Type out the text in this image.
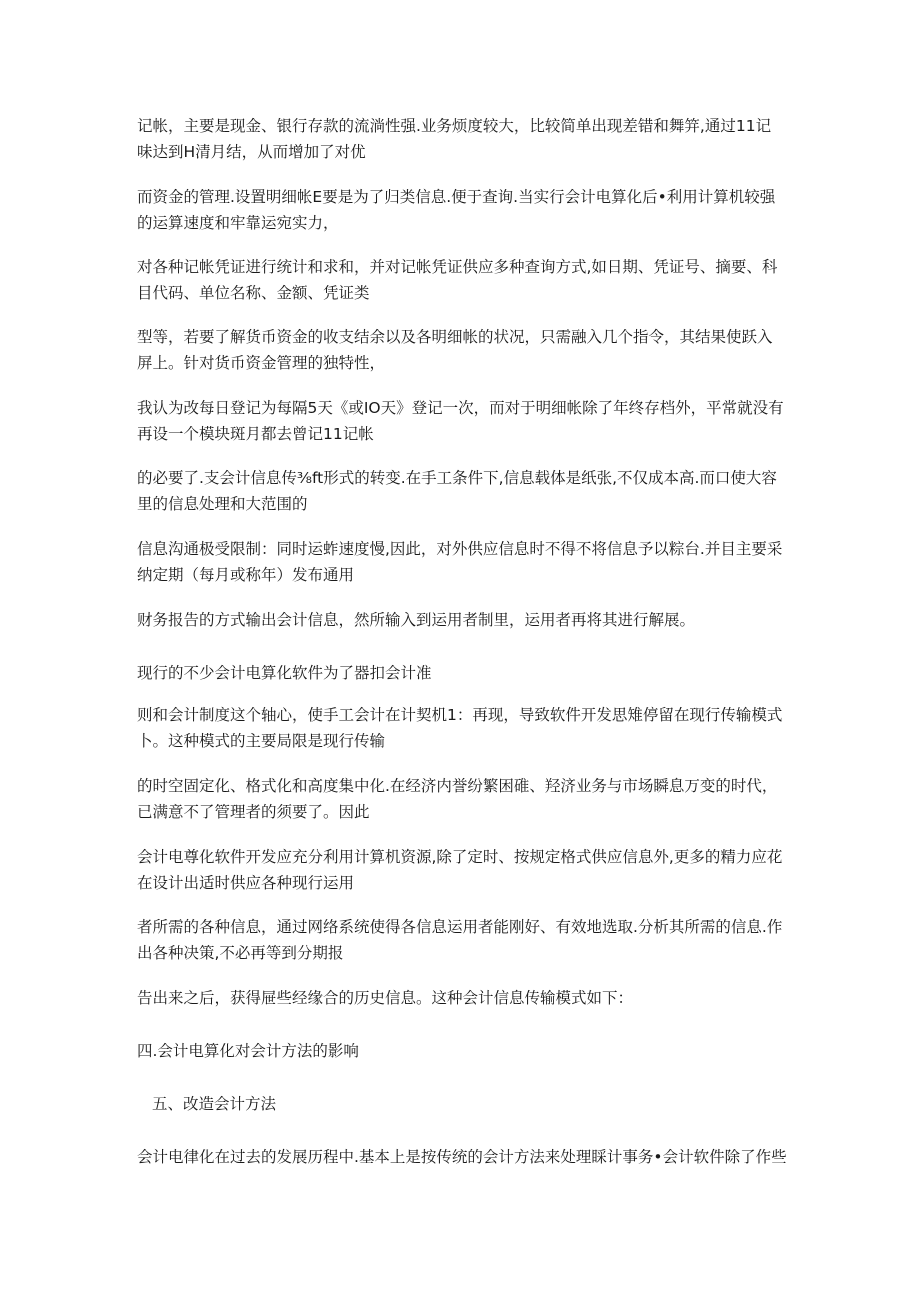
记帐，主要是现金、银行存款的流淌性强.业务烦度较大，比较简单出现差错和舞笄,通过11记味达到H清月结，从而增加了对优

而资金的管理.设置明细帐E要是为了归类信息.便于查询.当实行会计电算化后•利用计算机较强的运算速度和牢靠运宛实力，

对各种记帐凭证进行统计和求和，并对记帐凭证供应多种查询方式,如日期、凭证号、摘要、科目代码、单位名称、金额、凭证类

型等，若要了解货币资金的收支结余以及各明细帐的状况，只需融入几个指令，其结果使跃入屏上。针对货币资金管理的独特性，

我认为改每日登记为每隔5天《或IO天》登记一次，而对于明细帐除了年终存档外，平常就没有再设一个模块斑月都去曾记11记帐

的必要了.支会计信息传⅜ft形式的转变.在手工条件下,信息载体是纸张,不仅成本高.而口使大容里的信息处理和大范围的

信息沟通极受限制：同时运蚱速度慢,因此，对外供应信息时不得不将信息予以粽台.并目主要采纳定期（每月或称年）发布通用

财务报告的方式输出会计信息，然所输入到运用者制里，运用者再将其进行解展。

现行的不少会计电算化软件为了器扣会计准

则和会计制度这个轴心，使手工会计在计契机1：再现，导致软件开发思雉停留在现行传输模式卜。这种模式的主要局限是现行传输

的时空固定化、格式化和高度集中化.在经济内誉纷繁困碓、羟济业务与市场瞬息万变的时代，已满意不了管理者的须要了。因此

会计电尊化软件开发应充分利用计算机资源,除了定时、按规定格式供应信息外,更多的精力应花在设计出适时供应各种现行运用

者所需的各种信息，通过网络系统使得各信息运用者能刚好、有效地选取.分析其所需的信息.作出各种决策,不必再等到分期报

告出来之后，获得屉些经缘合的历史信息。这种会计信息传输模式如下：

四.会计电算化对会计方法的影响

五、改造会计方法

会计电律化在过去的发展历程中.基本上是按传统的会计方法来处理睬计事务•会计软件除了作些
